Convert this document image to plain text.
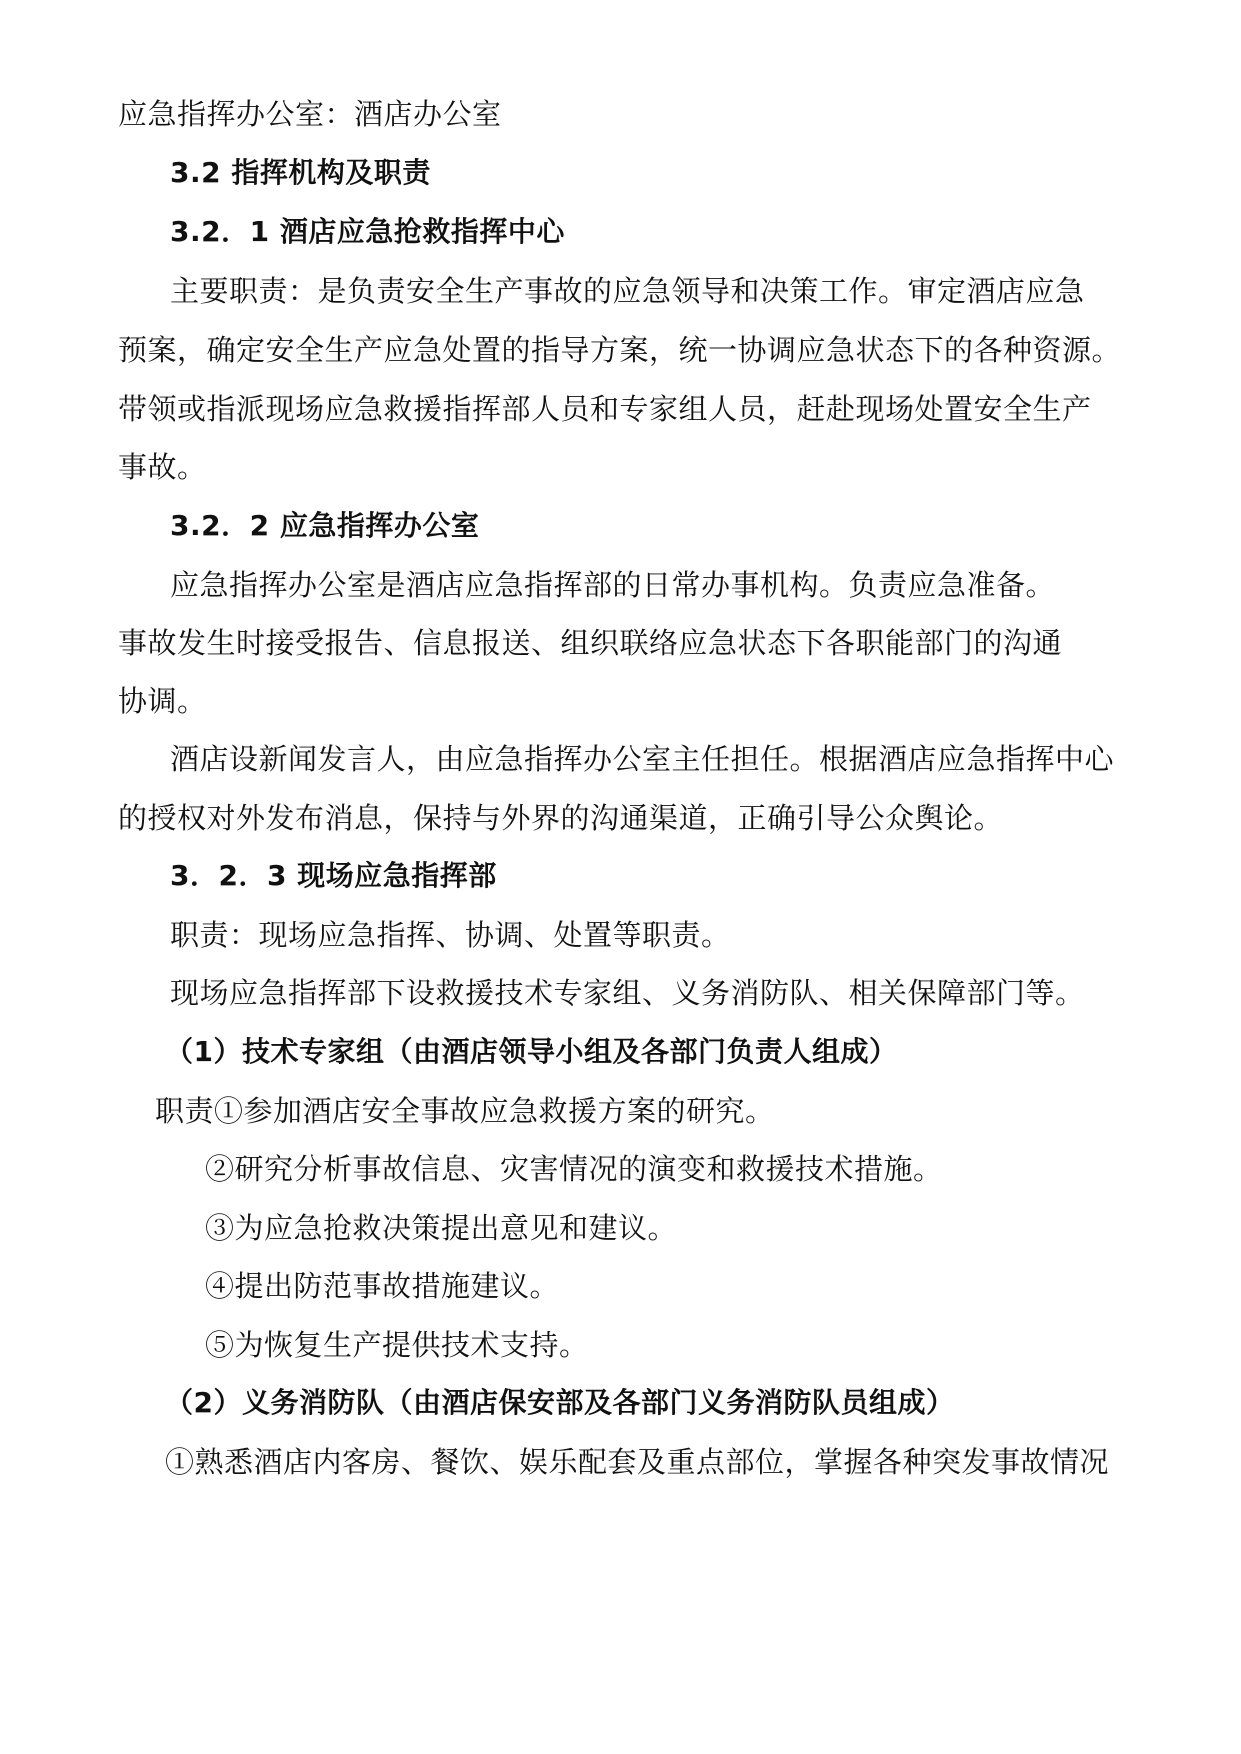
应急指挥办公室：酒店办公室
3.2 指挥机构及职责
3.2．1 酒店应急抢救指挥中心
主要职责：是负责安全生产事故的应急领导和决策工作。审定酒店应急
预案，确定安全生产应急处置的指导方案，统一协调应急状态下的各种资源。
带领或指派现场应急救援指挥部人员和专家组人员，赶赴现场处置安全生产
事故。
3.2．2 应急指挥办公室
应急指挥办公室是酒店应急指挥部的日常办事机构。负责应急准备。
事故发生时接受报告、信息报送、组织联络应急状态下各职能部门的沟通
协调。
酒店设新闻发言人，由应急指挥办公室主任担任。根据酒店应急指挥中心
的授权对外发布消息，保持与外界的沟通渠道，正确引导公众舆论。
3．2．3 现场应急指挥部
职责：现场应急指挥、协调、处置等职责。
现场应急指挥部下设救援技术专家组、义务消防队、相关保障部门等。
（1）技术专家组（由酒店领导小组及各部门负责人组成）
职责①参加酒店安全事故应急救援方案的研究。
②研究分析事故信息、灾害情况的演变和救援技术措施。
③为应急抢救决策提出意见和建议。
④提出防范事故措施建议。
⑤为恢复生产提供技术支持。
（2）义务消防队（由酒店保安部及各部门义务消防队员组成）
①熟悉酒店内客房、餐饮、娱乐配套及重点部位，掌握各种突发事故情况
